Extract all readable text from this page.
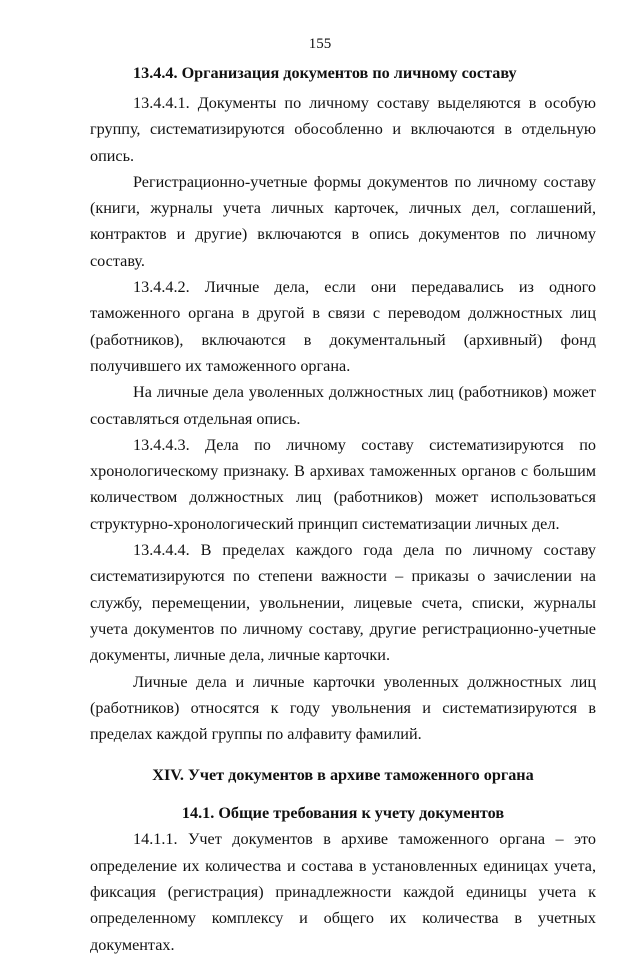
155
13.4.4. Организация документов по личному составу

13.4.4.1. Документы по личному составу выделяются в особую группу, систематизируются обособленно и включаются в отдельную опись.

Регистрационно-учетные формы документов по личному составу (книги, журналы учета личных карточек, личных дел, соглашений, контрактов и другие) включаются в опись документов по личному составу.

13.4.4.2. Личные дела, если они передавались из одного таможенного органа в другой в связи с переводом должностных лиц (работников), включаются в документальный (архивный) фонд получившего их таможенного органа.

На личные дела уволенных должностных лиц (работников) может составляться отдельная опись.

13.4.4.3. Дела по личному составу систематизируются по хронологическому признаку. В архивах таможенных органов с большим количеством должностных лиц (работников) может использоваться структурно-хронологический принцип систематизации личных дел.

13.4.4.4. В пределах каждого года дела по личному составу систематизируются по степени важности – приказы о зачислении на службу, перемещении, увольнении, лицевые счета, списки, журналы учета документов по личному составу, другие регистрационно-учетные документы, личные дела, личные карточки.

Личные дела и личные карточки уволенных должностных лиц (работников) относятся к году увольнения и систематизируются в пределах каждой группы по алфавиту фамилий.

XIV. Учет документов в архиве таможенного органа
14.1. Общие требования к учету документов

14.1.1. Учет документов в архиве таможенного органа – это определение их количества и состава в установленных единицах учета, фиксация (регистрация) принадлежности каждой единицы учета к определенному комплексу и общего их количества в учетных документах.
